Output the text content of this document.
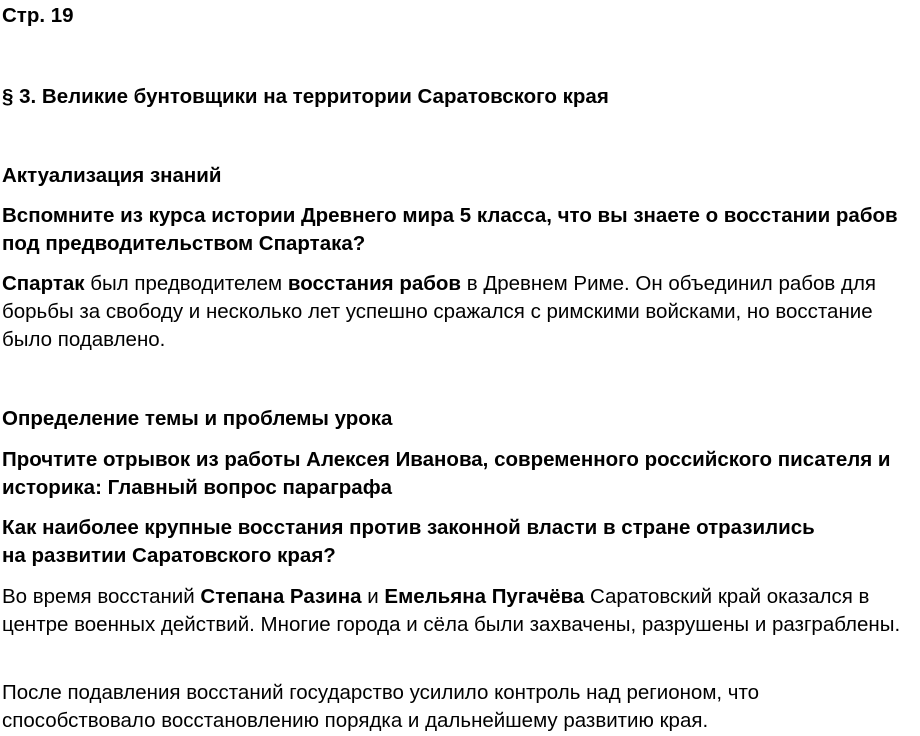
Стр. 19

§ 3. Великие бунтовщики на территории Саратовского края

Актуализация знаний

Вспомните из курса истории Древнего мира 5 класса, что вы знаете о восстании рабов под предводительством Спартака?

Спартак был предводителем восстания рабов в Древнем Риме. Он объединил рабов для борьбы за свободу и несколько лет успешно сражался с римскими войсками, но восстание было подавлено.

Определение темы и проблемы урока

Прочтите отрывок из работы Алексея Иванова, современного российского писателя и историка: Главный вопрос параграфа

Как наиболее крупные восстания против законной власти в стране отразились на развитии Саратовского края?

Во время восстаний Степана Разина и Емельяна Пугачёва Саратовский край оказался в центре военных действий. Многие города и сёла были захвачены, разрушены и разграблены.

После подавления восстаний государство усилило контроль над регионом, что способствовало восстановлению порядка и дальнейшему развитию края.
